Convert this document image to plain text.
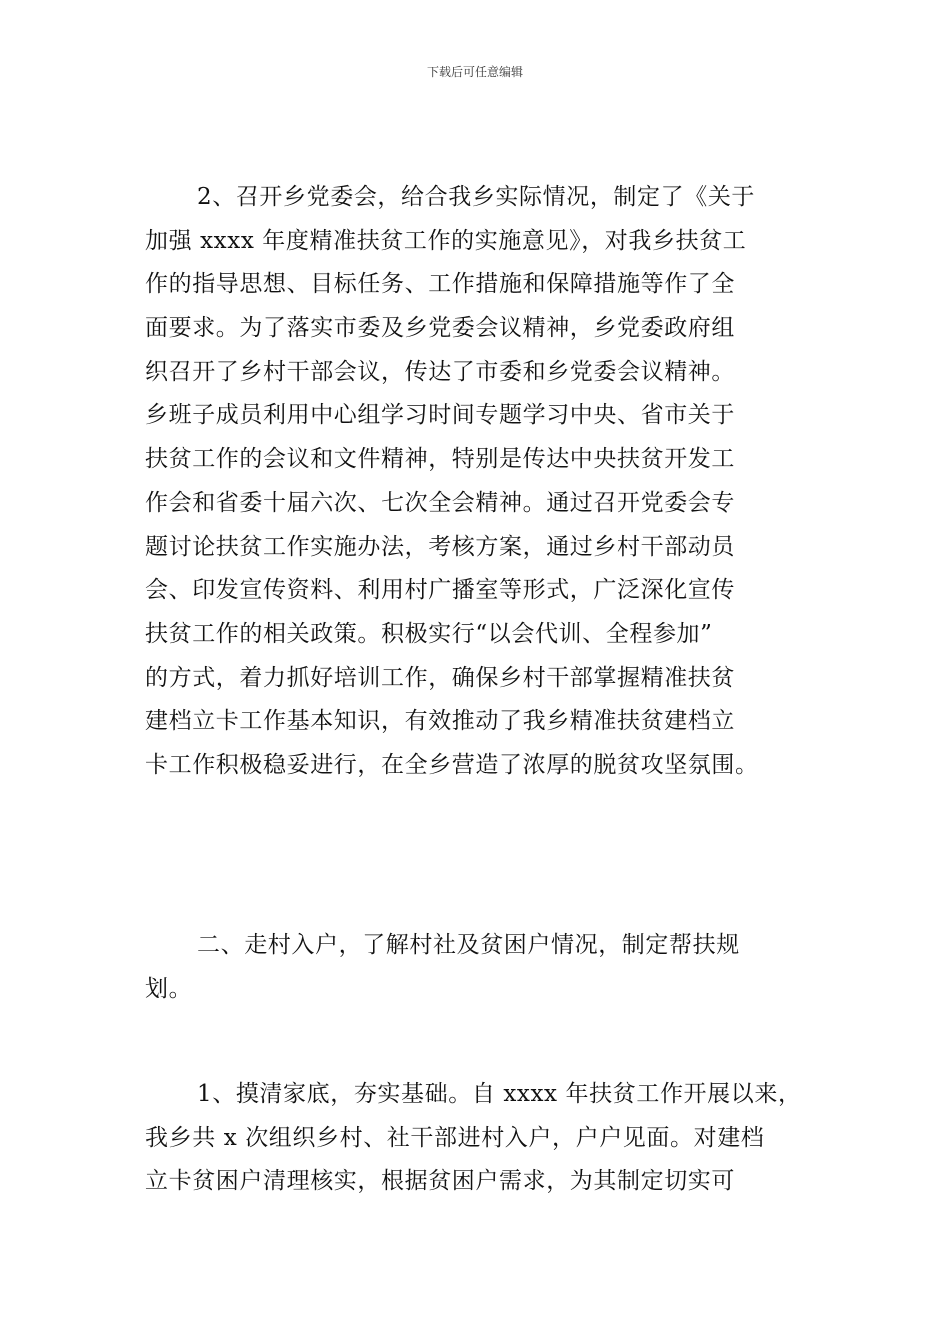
下载后可任意编辑
2、召开乡党委会，给合我乡实际情况，制定了《关于
加强 xxxx 年度精准扶贫工作的实施意见》，对我乡扶贫工
作的指导思想、目标任务、工作措施和保障措施等作了全
面要求。为了落实市委及乡党委会议精神，乡党委政府组
织召开了乡村干部会议，传达了市委和乡党委会议精神。
乡班子成员利用中心组学习时间专题学习中央、省市关于
扶贫工作的会议和文件精神，特别是传达中央扶贫开发工
作会和省委十届六次、七次全会精神。通过召开党委会专
题讨论扶贫工作实施办法，考核方案，通过乡村干部动员
会、印发宣传资料、利用村广播室等形式，广泛深化宣传
扶贫工作的相关政策。积极实行“以会代训、全程参加”
的方式，着力抓好培训工作，确保乡村干部掌握精准扶贫
建档立卡工作基本知识，有效推动了我乡精准扶贫建档立
卡工作积极稳妥进行，在全乡营造了浓厚的脱贫攻坚氛围。
二、走村入户，了解村社及贫困户情况，制定帮扶规
划。
1、摸清家底，夯实基础。自 xxxx 年扶贫工作开展以来，
我乡共 x 次组织乡村、社干部进村入户，户户见面。对建档
立卡贫困户清理核实，根据贫困户需求，为其制定切实可
